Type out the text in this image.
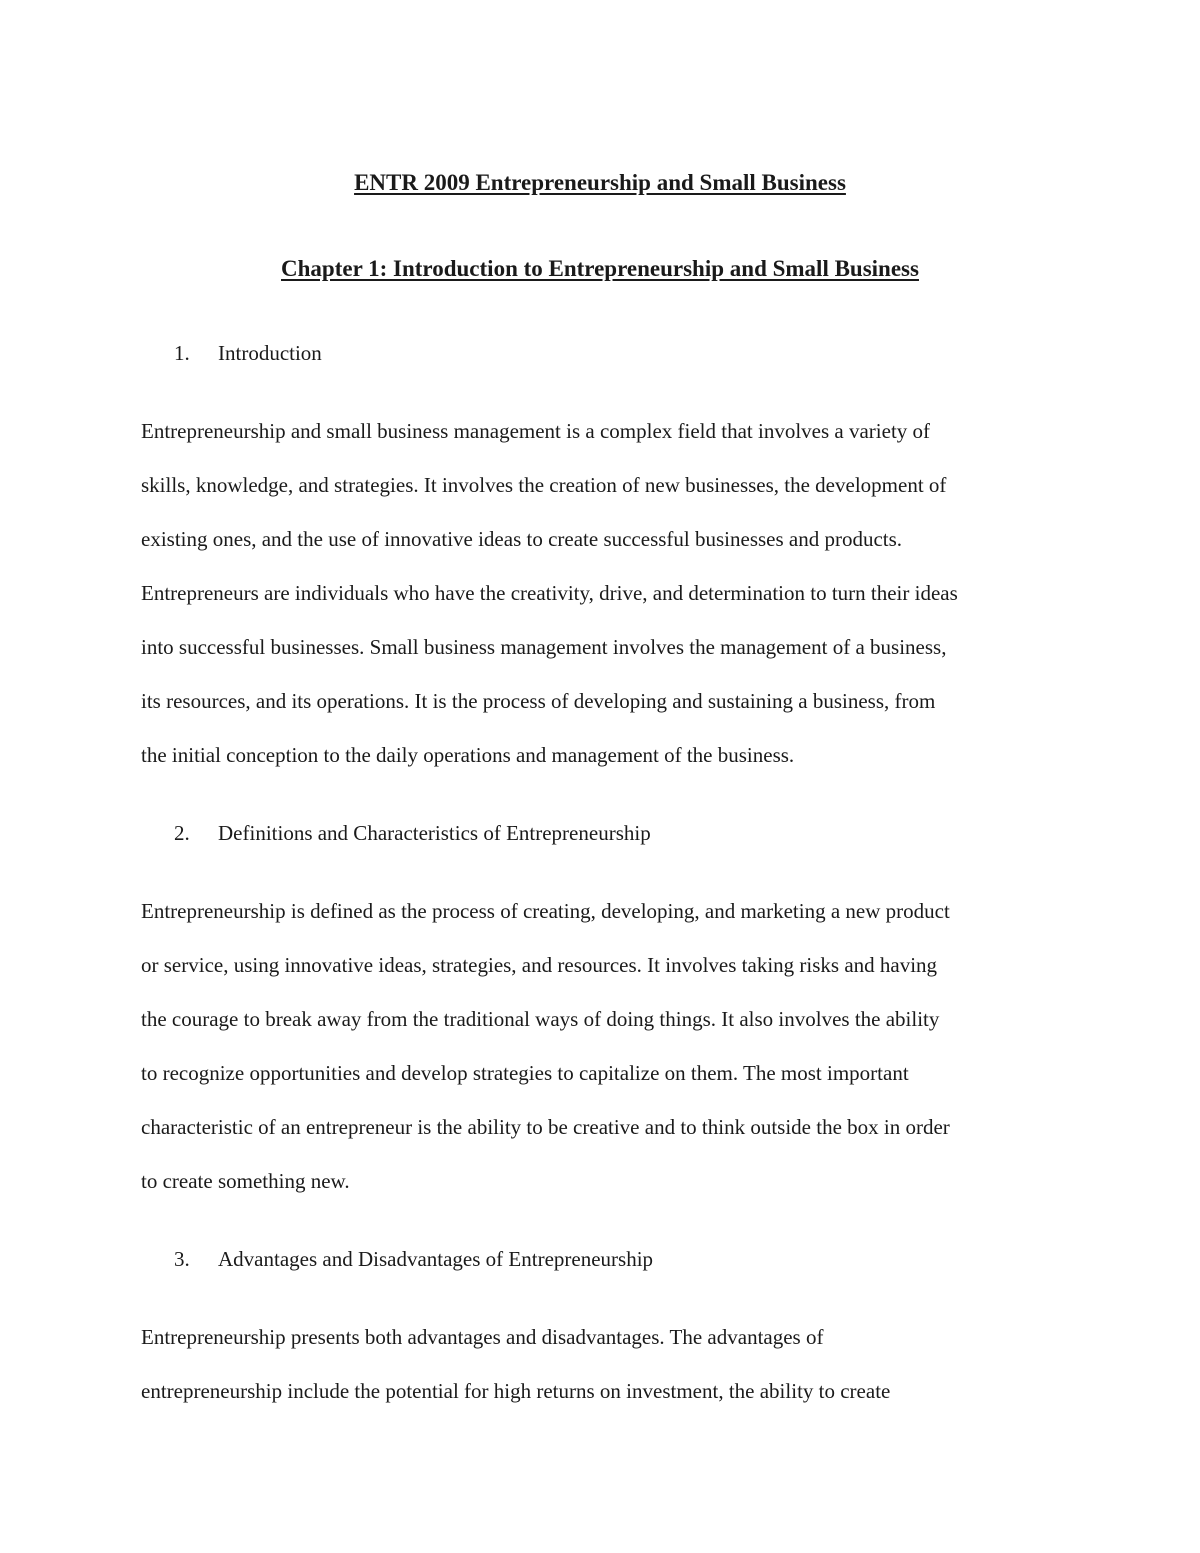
ENTR 2009 Entrepreneurship and Small Business
Chapter 1: Introduction to Entrepreneurship and Small Business
1. Introduction
Entrepreneurship and small business management is a complex field that involves a variety of
skills, knowledge, and strategies. It involves the creation of new businesses, the development of
existing ones, and the use of innovative ideas to create successful businesses and products.
Entrepreneurs are individuals who have the creativity, drive, and determination to turn their ideas
into successful businesses. Small business management involves the management of a business,
its resources, and its operations. It is the process of developing and sustaining a business, from
the initial conception to the daily operations and management of the business.
2. Definitions and Characteristics of Entrepreneurship
Entrepreneurship is defined as the process of creating, developing, and marketing a new product
or service, using innovative ideas, strategies, and resources. It involves taking risks and having
the courage to break away from the traditional ways of doing things. It also involves the ability
to recognize opportunities and develop strategies to capitalize on them. The most important
characteristic of an entrepreneur is the ability to be creative and to think outside the box in order
to create something new.
3. Advantages and Disadvantages of Entrepreneurship
Entrepreneurship presents both advantages and disadvantages. The advantages of
entrepreneurship include the potential for high returns on investment, the ability to create
